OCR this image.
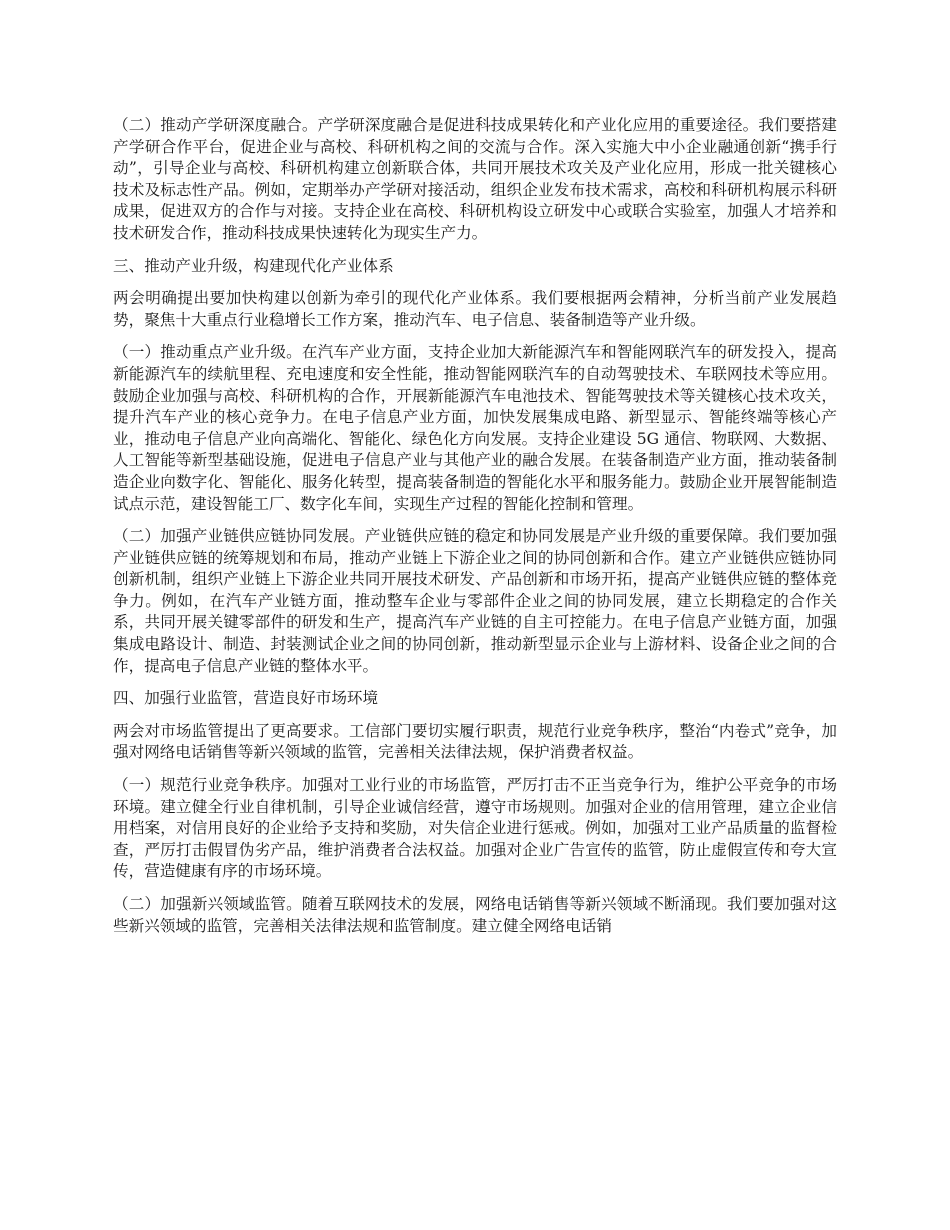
（二）推动产学研深度融合。产学研深度融合是促进科技成果转化和产业化应用的重要途径。我们要搭建产学研合作平台，促进企业与高校、科研机构之间的交流与合作。深入实施大中小企业融通创新“携手行动”，引导企业与高校、科研机构建立创新联合体，共同开展技术攻关及产业化应用，形成一批关键核心技术及标志性产品。例如，定期举办产学研对接活动，组织企业发布技术需求，高校和科研机构展示科研成果，促进双方的合作与对接。支持企业在高校、科研机构设立研发中心或联合实验室，加强人才培养和技术研发合作，推动科技成果快速转化为现实生产力。

三、推动产业升级，构建现代化产业体系

两会明确提出要加快构建以创新为牵引的现代化产业体系。我们要根据两会精神，分析当前产业发展趋势，聚焦十大重点行业稳增长工作方案，推动汽车、电子信息、装备制造等产业升级。

（一）推动重点产业升级。在汽车产业方面，支持企业加大新能源汽车和智能网联汽车的研发投入，提高新能源汽车的续航里程、充电速度和安全性能，推动智能网联汽车的自动驾驶技术、车联网技术等应用。鼓励企业加强与高校、科研机构的合作，开展新能源汽车电池技术、智能驾驶技术等关键核心技术攻关，提升汽车产业的核心竞争力。在电子信息产业方面，加快发展集成电路、新型显示、智能终端等核心产业，推动电子信息产业向高端化、智能化、绿色化方向发展。支持企业建设 5G 通信、物联网、大数据、人工智能等新型基础设施，促进电子信息产业与其他产业的融合发展。在装备制造产业方面，推动装备制造企业向数字化、智能化、服务化转型，提高装备制造的智能化水平和服务能力。鼓励企业开展智能制造试点示范，建设智能工厂、数字化车间，实现生产过程的智能化控制和管理。

（二）加强产业链供应链协同发展。产业链供应链的稳定和协同发展是产业升级的重要保障。我们要加强产业链供应链的统筹规划和布局，推动产业链上下游企业之间的协同创新和合作。建立产业链供应链协同创新机制，组织产业链上下游企业共同开展技术研发、产品创新和市场开拓，提高产业链供应链的整体竞争力。例如，在汽车产业链方面，推动整车企业与零部件企业之间的协同发展，建立长期稳定的合作关系，共同开展关键零部件的研发和生产，提高汽车产业链的自主可控能力。在电子信息产业链方面，加强集成电路设计、制造、封装测试企业之间的协同创新，推动新型显示企业与上游材料、设备企业之间的合作，提高电子信息产业链的整体水平。

四、加强行业监管，营造良好市场环境

两会对市场监管提出了更高要求。工信部门要切实履行职责，规范行业竞争秩序，整治“内卷式”竞争，加强对网络电话销售等新兴领域的监管，完善相关法律法规，保护消费者权益。

（一）规范行业竞争秩序。加强对工业行业的市场监管，严厉打击不正当竞争行为，维护公平竞争的市场环境。建立健全行业自律机制，引导企业诚信经营，遵守市场规则。加强对企业的信用管理，建立企业信用档案，对信用良好的企业给予支持和奖励，对失信企业进行惩戒。例如，加强对工业产品质量的监督检查，严厉打击假冒伪劣产品，维护消费者合法权益。加强对企业广告宣传的监管，防止虚假宣传和夸大宣传，营造健康有序的市场环境。

（二）加强新兴领域监管。随着互联网技术的发展，网络电话销售等新兴领域不断涌现。我们要加强对这些新兴领域的监管，完善相关法律法规和监管制度。建立健全网络电话销
